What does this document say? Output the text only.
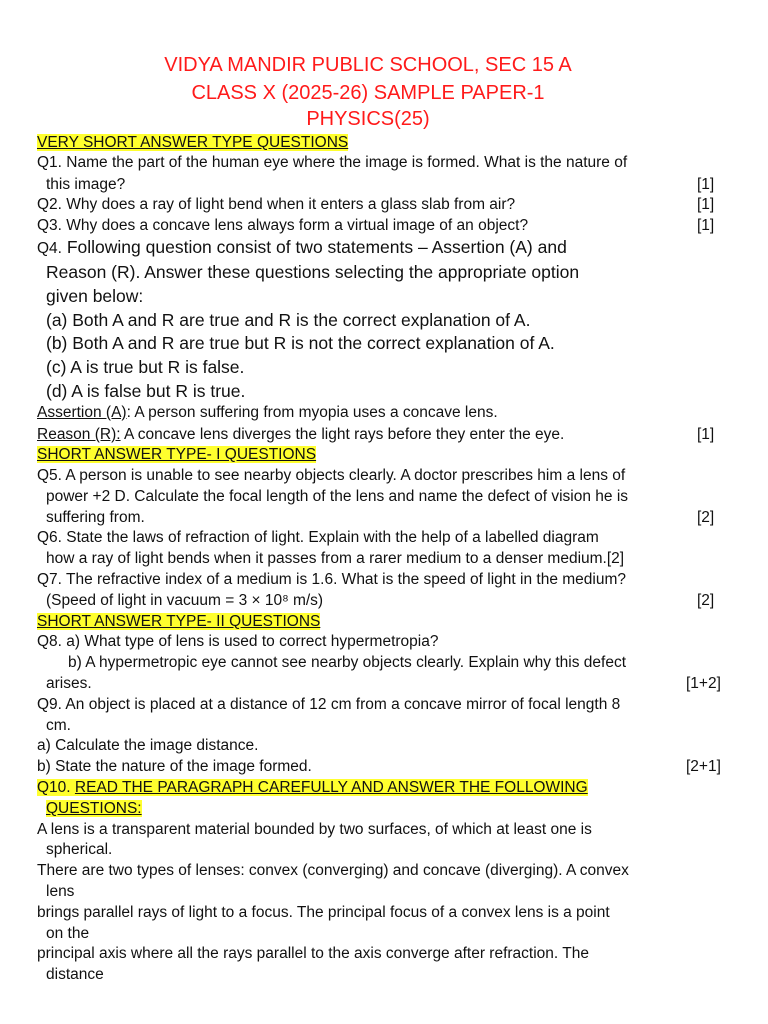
VIDYA MANDIR PUBLIC SCHOOL, SEC 15 A
CLASS X (2025-26) SAMPLE PAPER-1
PHYSICS(25)
VERY SHORT ANSWER TYPE QUESTIONS
Q1. Name the part of the human eye where the image is formed. What is the nature of
this image?	[1]
Q2. Why does a ray of light bend when it enters a glass slab from air?	[1]
Q3. Why does a concave lens always form a virtual image of an object?	[1]
Q4. Following question consist of two statements – Assertion (A) and
Reason (R). Answer these questions selecting the appropriate option
given below:
(a) Both A and R are true and R is the correct explanation of A.
(b) Both A and R are true but R is not the correct explanation of A.
(c) A is true but R is false.
(d) A is false but R is true.
Assertion (A): A person suffering from myopia uses a concave lens.
Reason (R): A concave lens diverges the light rays before they enter the eye.	[1]
SHORT ANSWER TYPE- I QUESTIONS
Q5. A person is unable to see nearby objects clearly. A doctor prescribes him a lens of
power +2 D. Calculate the focal length of the lens and name the defect of vision he is
suffering from.	[2]
Q6. State the laws of refraction of light. Explain with the help of a labelled diagram
how a ray of light bends when it passes from a rarer medium to a denser medium.[2]
Q7. The refractive index of a medium is 1.6. What is the speed of light in the medium?
(Speed of light in vacuum = 3 × 10⁸ m/s)	[2]
SHORT ANSWER TYPE- II QUESTIONS
Q8. a) What type of lens is used to correct hypermetropia?
b) A hypermetropic eye cannot see nearby objects clearly. Explain why this defect
arises.	[1+2]
Q9. An object is placed at a distance of 12 cm from a concave mirror of focal length 8
cm.
a) Calculate the image distance.
b) State the nature of the image formed.	[2+1]
Q10. READ THE PARAGRAPH CAREFULLY AND ANSWER THE FOLLOWING
QUESTIONS:
A lens is a transparent material bounded by two surfaces, of which at least one is
spherical.
There are two types of lenses: convex (converging) and concave (diverging). A convex
lens
brings parallel rays of light to a focus. The principal focus of a convex lens is a point
on the
principal axis where all the rays parallel to the axis converge after refraction. The
distance
